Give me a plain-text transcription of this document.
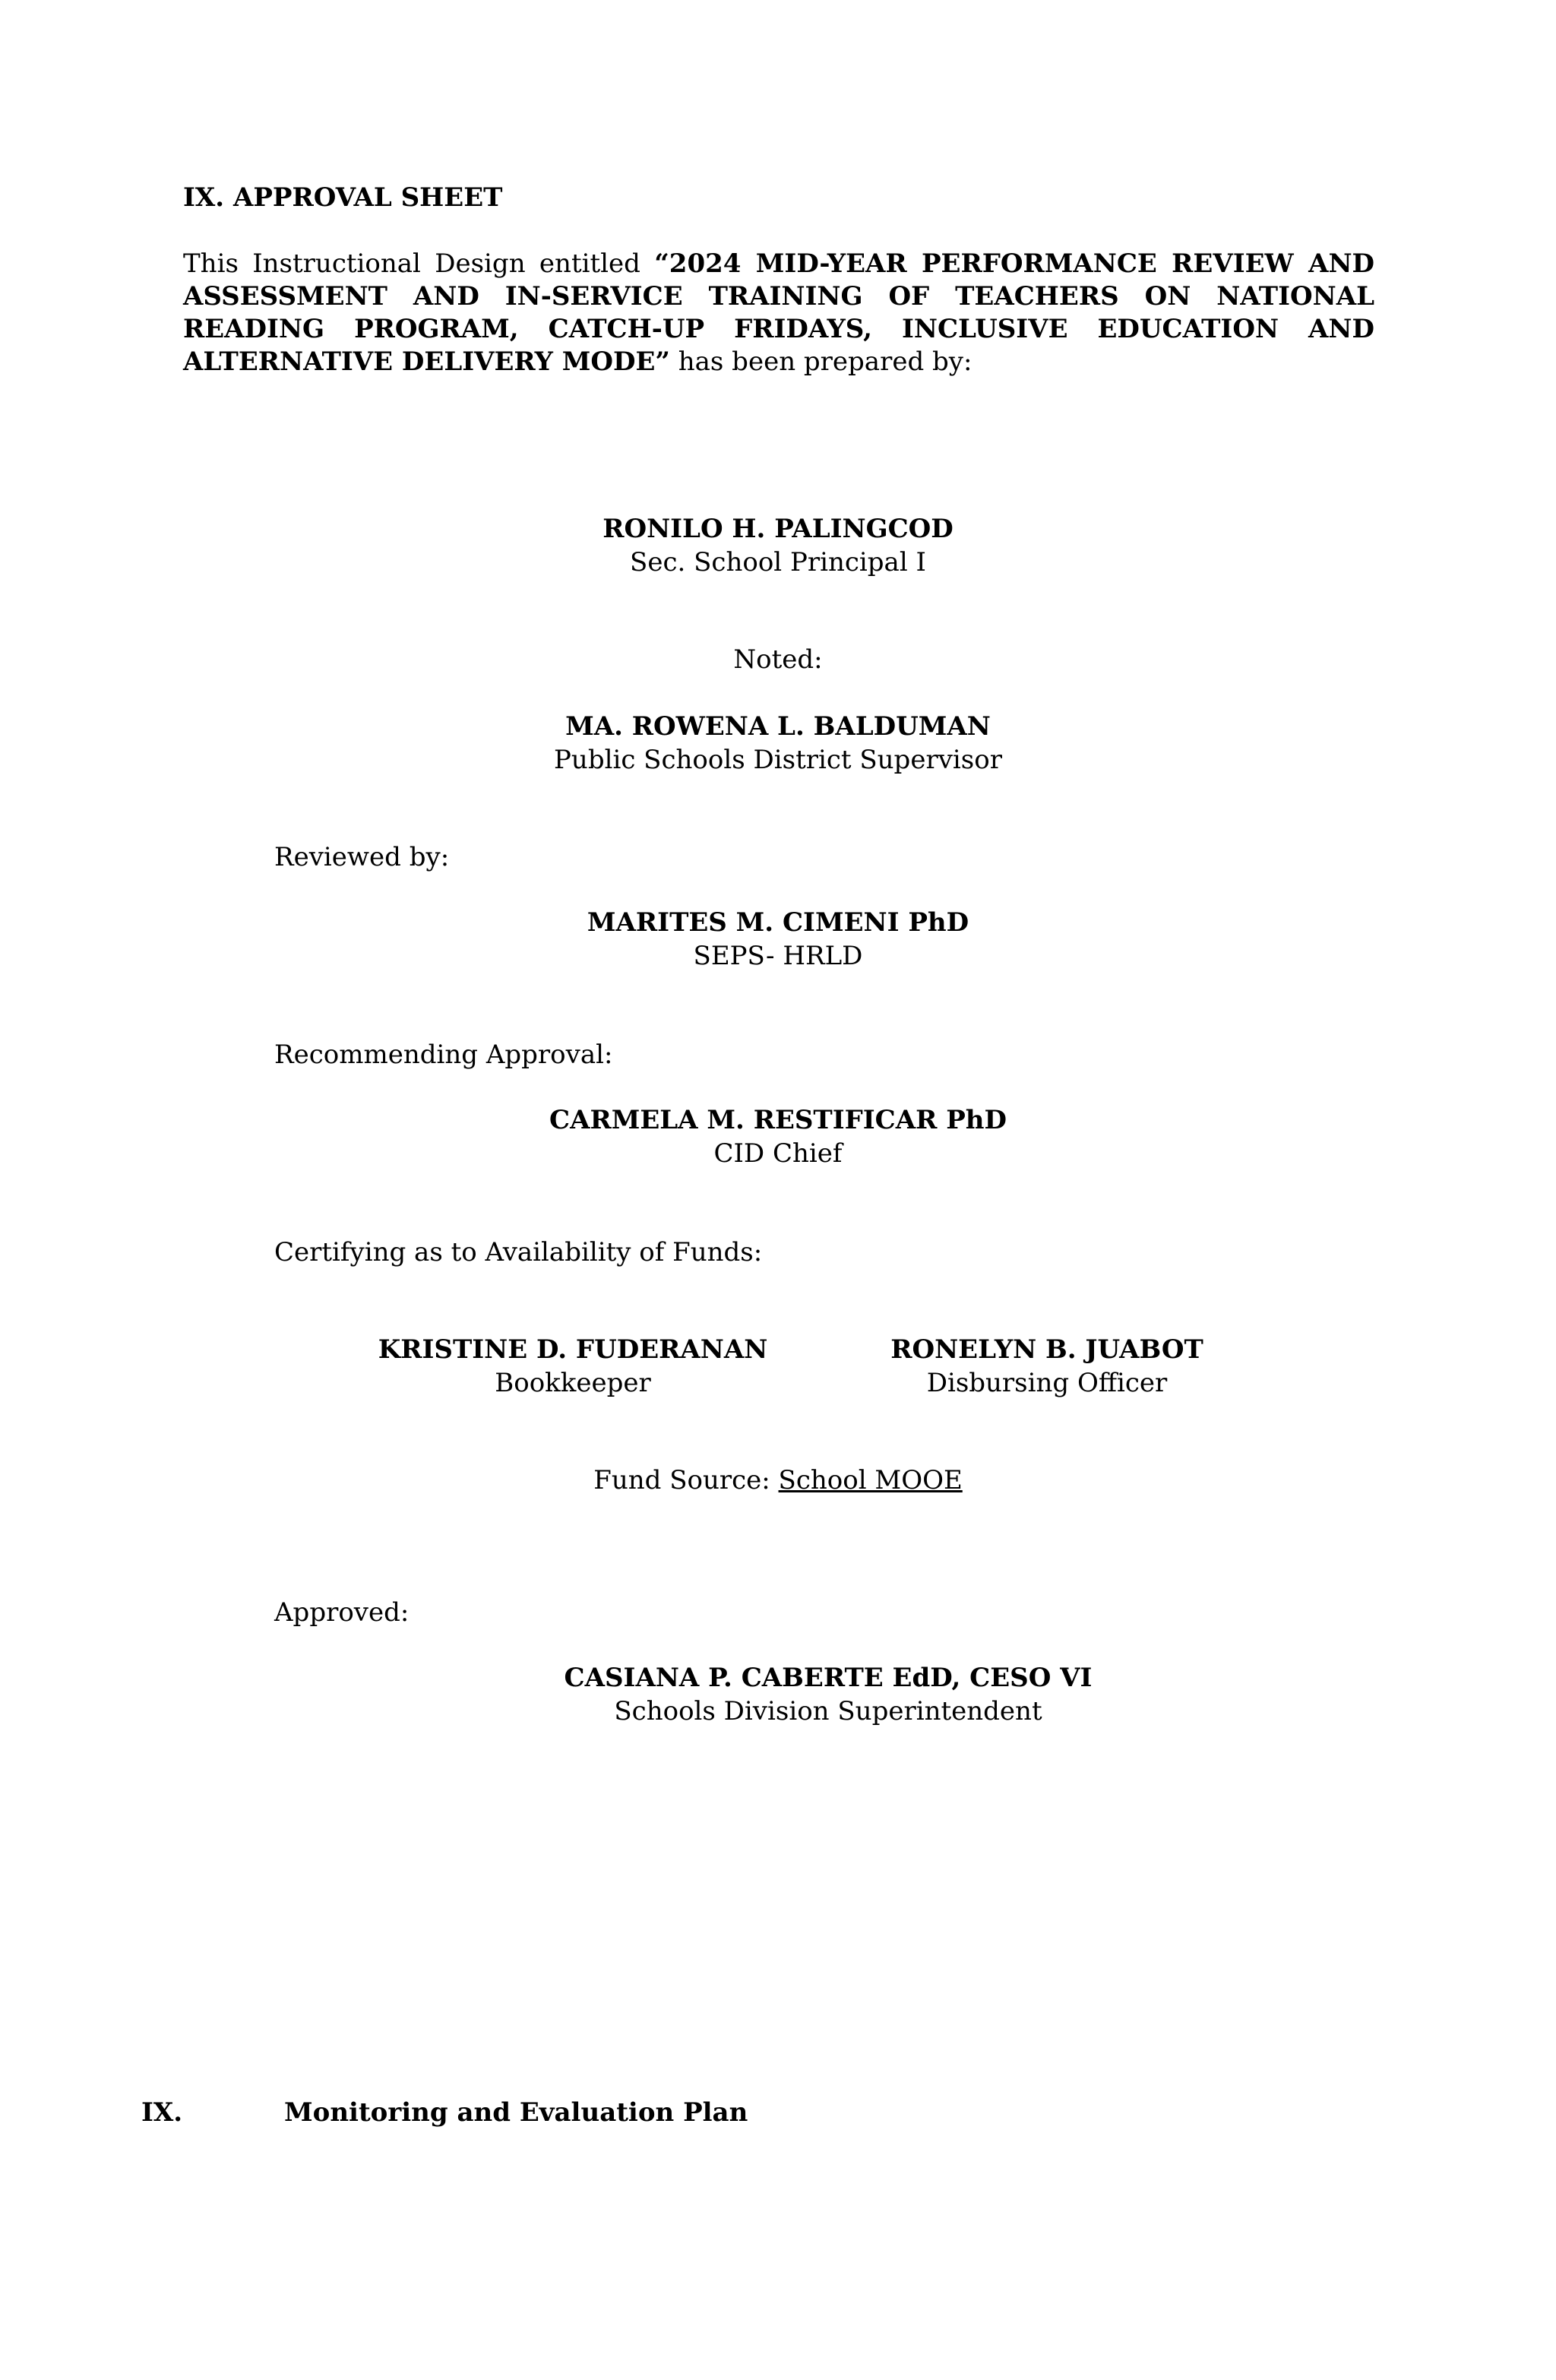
IX. APPROVAL SHEET

This Instructional Design entitled “2024 MID-YEAR PERFORMANCE REVIEW AND ASSESSMENT AND IN-SERVICE TRAINING OF TEACHERS ON NATIONAL READING PROGRAM, CATCH-UP FRIDAYS, INCLUSIVE EDUCATION AND ALTERNATIVE DELIVERY MODE” has been prepared by:

RONILO H. PALINGCOD
Sec. School Principal I
Noted:
MA. ROWENA L. BALDUMAN
Public Schools District Supervisor
Reviewed by:
MARITES M. CIMENI PhD
SEPS- HRLD
Recommending Approval:
CARMELA M. RESTIFICAR PhD
CID Chief
Certifying as to Availability of Funds:
KRISTINE D. FUDERANAN
Bookkeeper
RONELYN B. JUABOT
Disbursing Officer
Fund Source: School MOOE
Approved:
CASIANA P. CABERTE EdD, CESO VI
Schools Division Superintendent
IX.	Monitoring and Evaluation Plan
